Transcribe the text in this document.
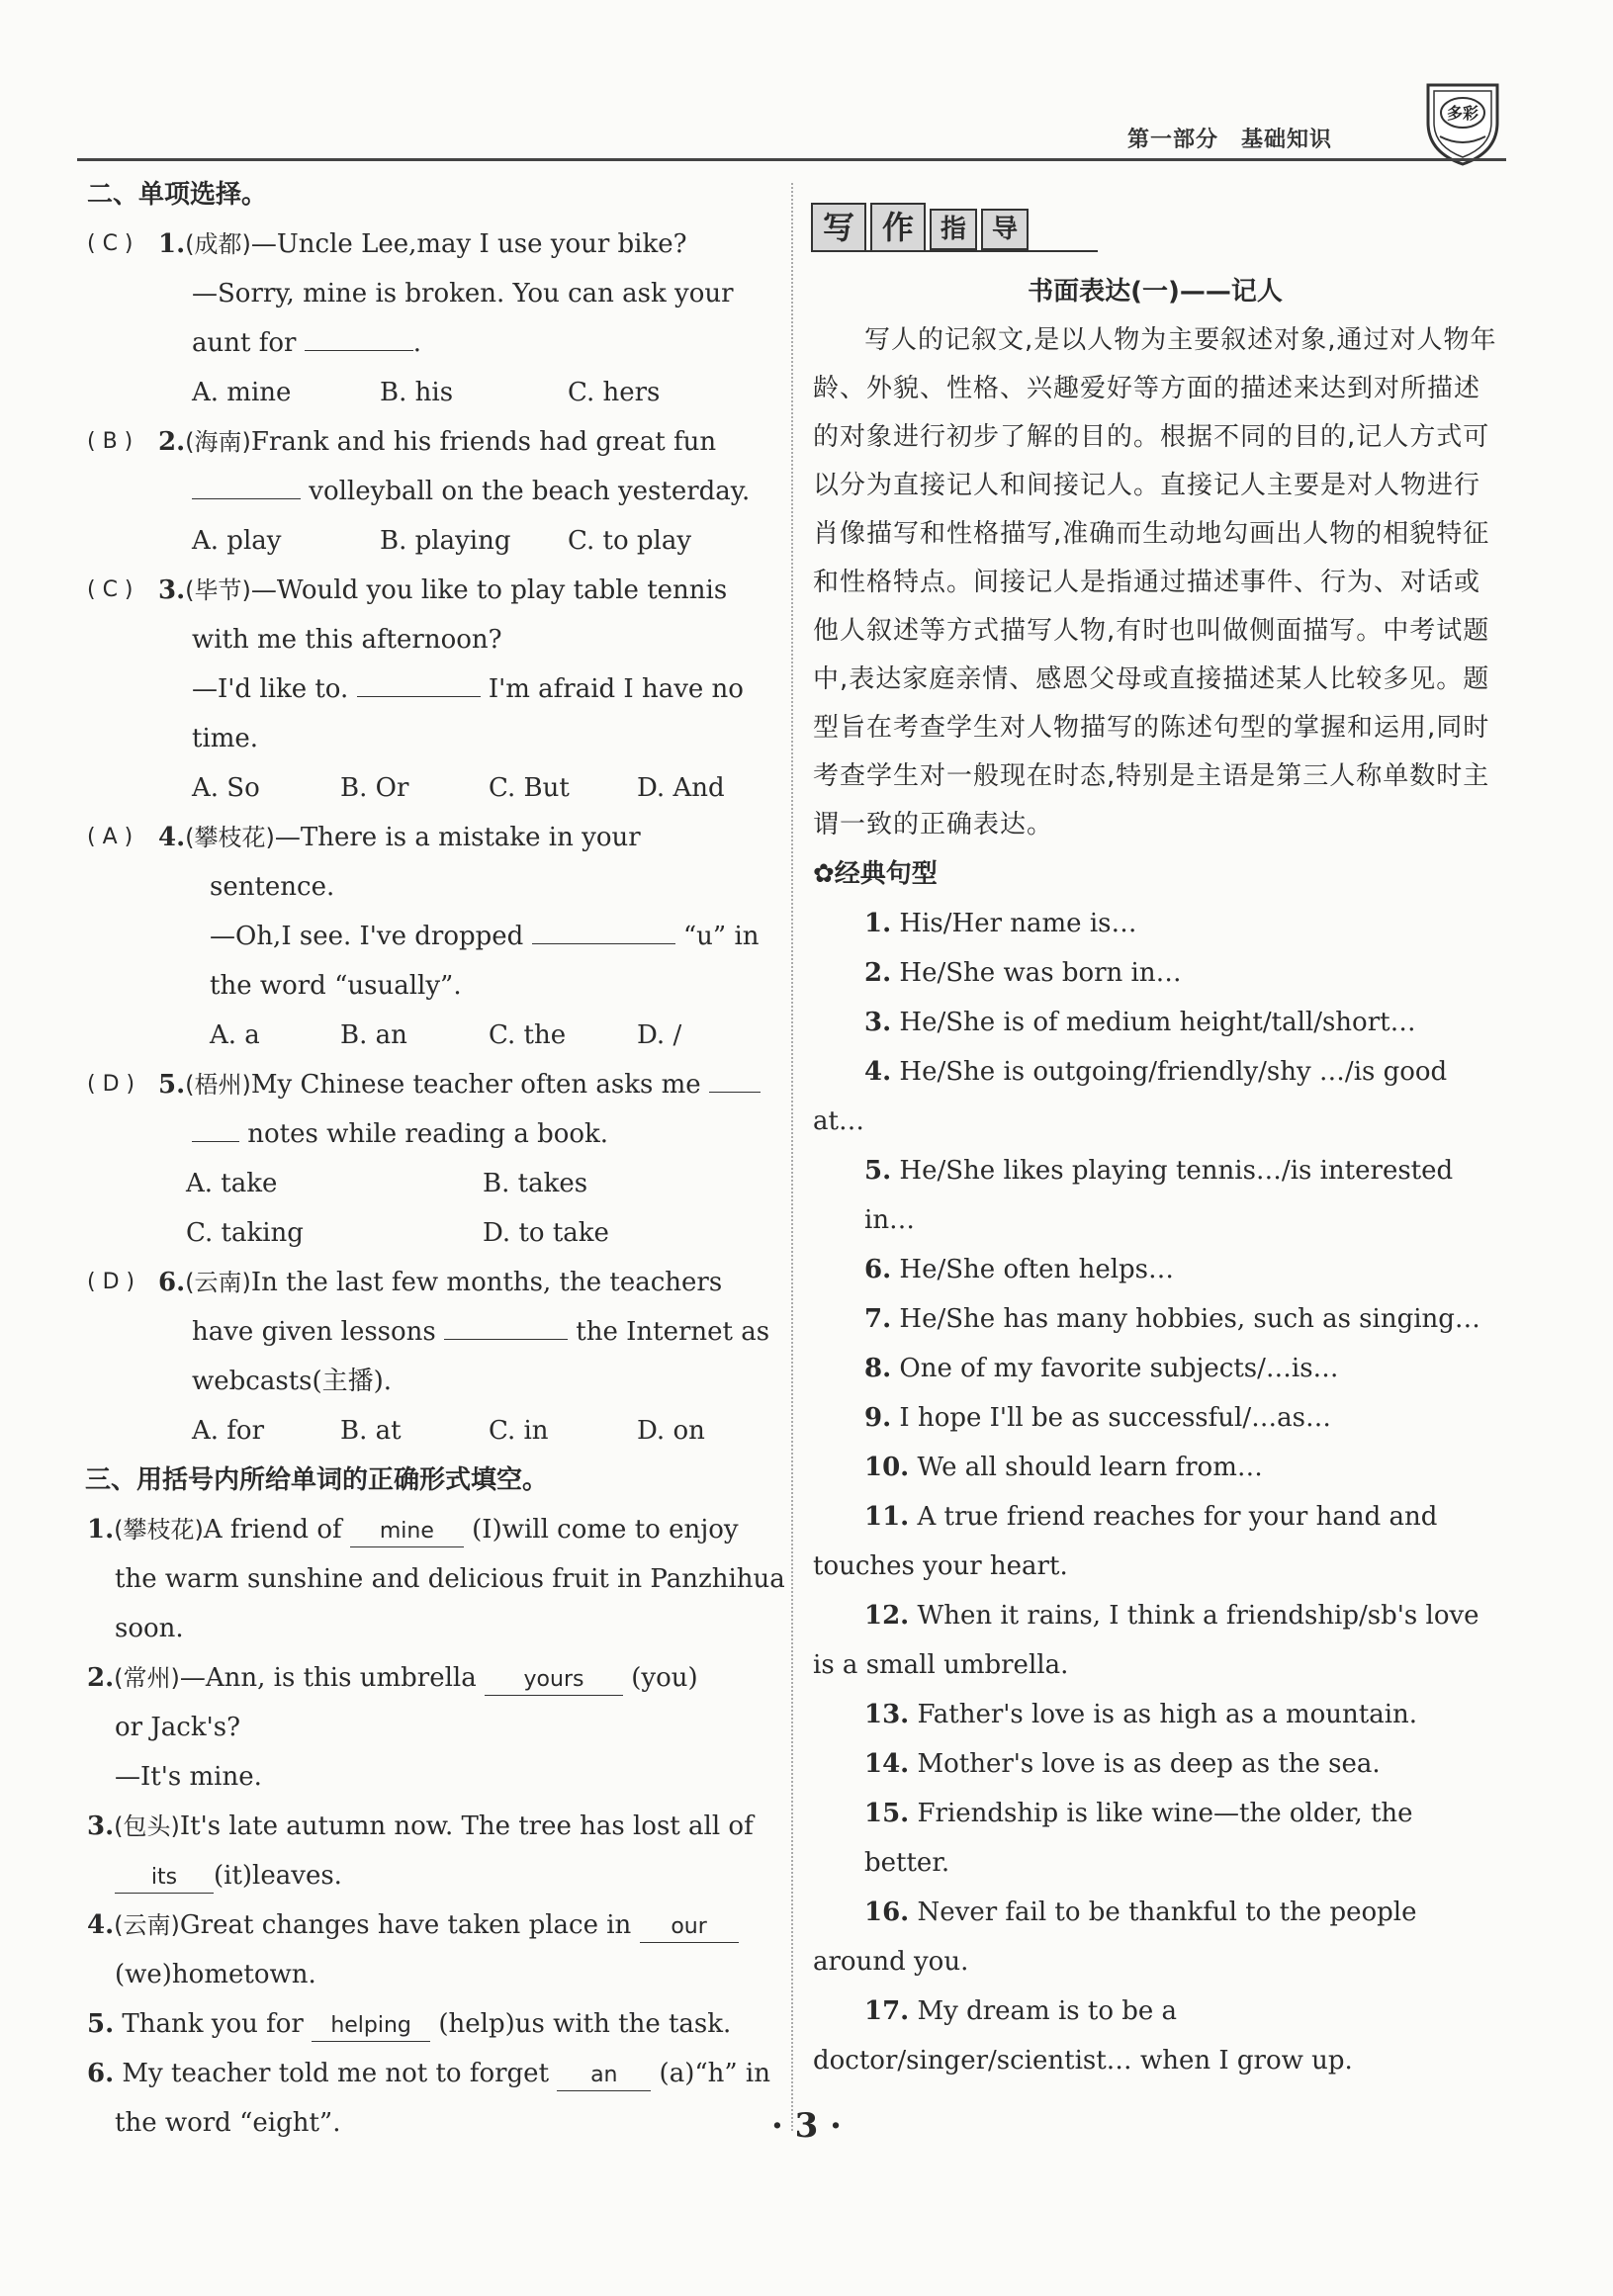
第一部分　基础知识
多彩

二、单项选择。

( C ) 1.(成都)—Uncle Lee,may I use your bike?

—Sorry, mine is broken. You can ask your

aunt for	.

A. mine	B. his	C. hers

( B ) 2.(海南)Frank and his friends had great fun

volleyball on the beach yesterday.

A. play	B. playing C. to play

( C ) 3.(毕节)—Would you like to play table tennis

with me this afternoon?

—I'd like to.	I'm afraid I have no

time.

A. So	B. Or	C. But	D. And

( A ) 4.(攀枝花)—There is a mistake in your

sentence.

—Oh,I see. I've dropped	“u” in

the word “usually”.

A. a	B. an	C. the	D. /

( D ) 5.(梧州)My Chinese teacher often asks me

notes while reading a book.

A. take	B. takes

C. taking	D. to take

( D ) 6.(云南)In the last few months, the teachers

have given lessons	the Internet as

webcasts(主播).

A. for	B. at	C. in	D. on

三、用括号内所给单词的正确形式填空。

1.(攀枝花)A friend of mine (I)will come to enjoy

the warm sunshine and delicious fruit in Panzhihua

soon.

2.(常州)—Ann, is this umbrella yours (you)

or Jack's?

—It's mine.

3.(包头)It's late autumn now. The tree has lost all of

its (it)leaves.

4.(云南)Great changes have taken place in our

(we)hometown.

5. Thank you for helping (help)us with the task.

6. My teacher told me not to forget an (a)“h” in

the word “eight”.

写 作 指 导

书面表达(一)——记人

写人的记叙文,是以人物为主要叙述对象,通过对人物年龄、外貌、性格、兴趣爱好等方面的描述来达到对所描述的对象进行初步了解的目的。根据不同的目的,记人方式可以分为直接记人和间接记人。直接记人主要是对人物进行肖像描写和性格描写,准确而生动地勾画出人物的相貌特征和性格特点。间接记人是指通过描述事件、行为、对话或他人叙述等方式描写人物,有时也叫做侧面描写。中考试题中,表达家庭亲情、感恩父母或直接描述某人比较多见。题型旨在考查学生对人物描写的陈述句型的掌握和运用,同时考查学生对一般现在时态,特别是主语是第三人称单数时主谓一致的正确表达。

✿经典句型

1. His/Her name is…

2. He/She was born in…

3. He/She is of medium height/tall/short…

4. He/She is outgoing/friendly/shy …/is good at…

5. He/She likes playing tennis…/is interested in…

6. He/She often helps…

7. He/She has many hobbies, such as singing…

8. One of my favorite subjects/…is…

9. I hope I'll be as successful/…as…

10. We all should learn from…

11. A true friend reaches for your hand and touches your heart.

12. When it rains, I think a friendship/sb's love is a small umbrella.

13. Father's love is as high as a mountain.

14. Mother's love is as deep as the sea.

15. Friendship is like wine—the older, the better.

16. Never fail to be thankful to the people around you.

17. My dream is to be a doctor/singer/scientist… when I grow up.

· 3 ·
